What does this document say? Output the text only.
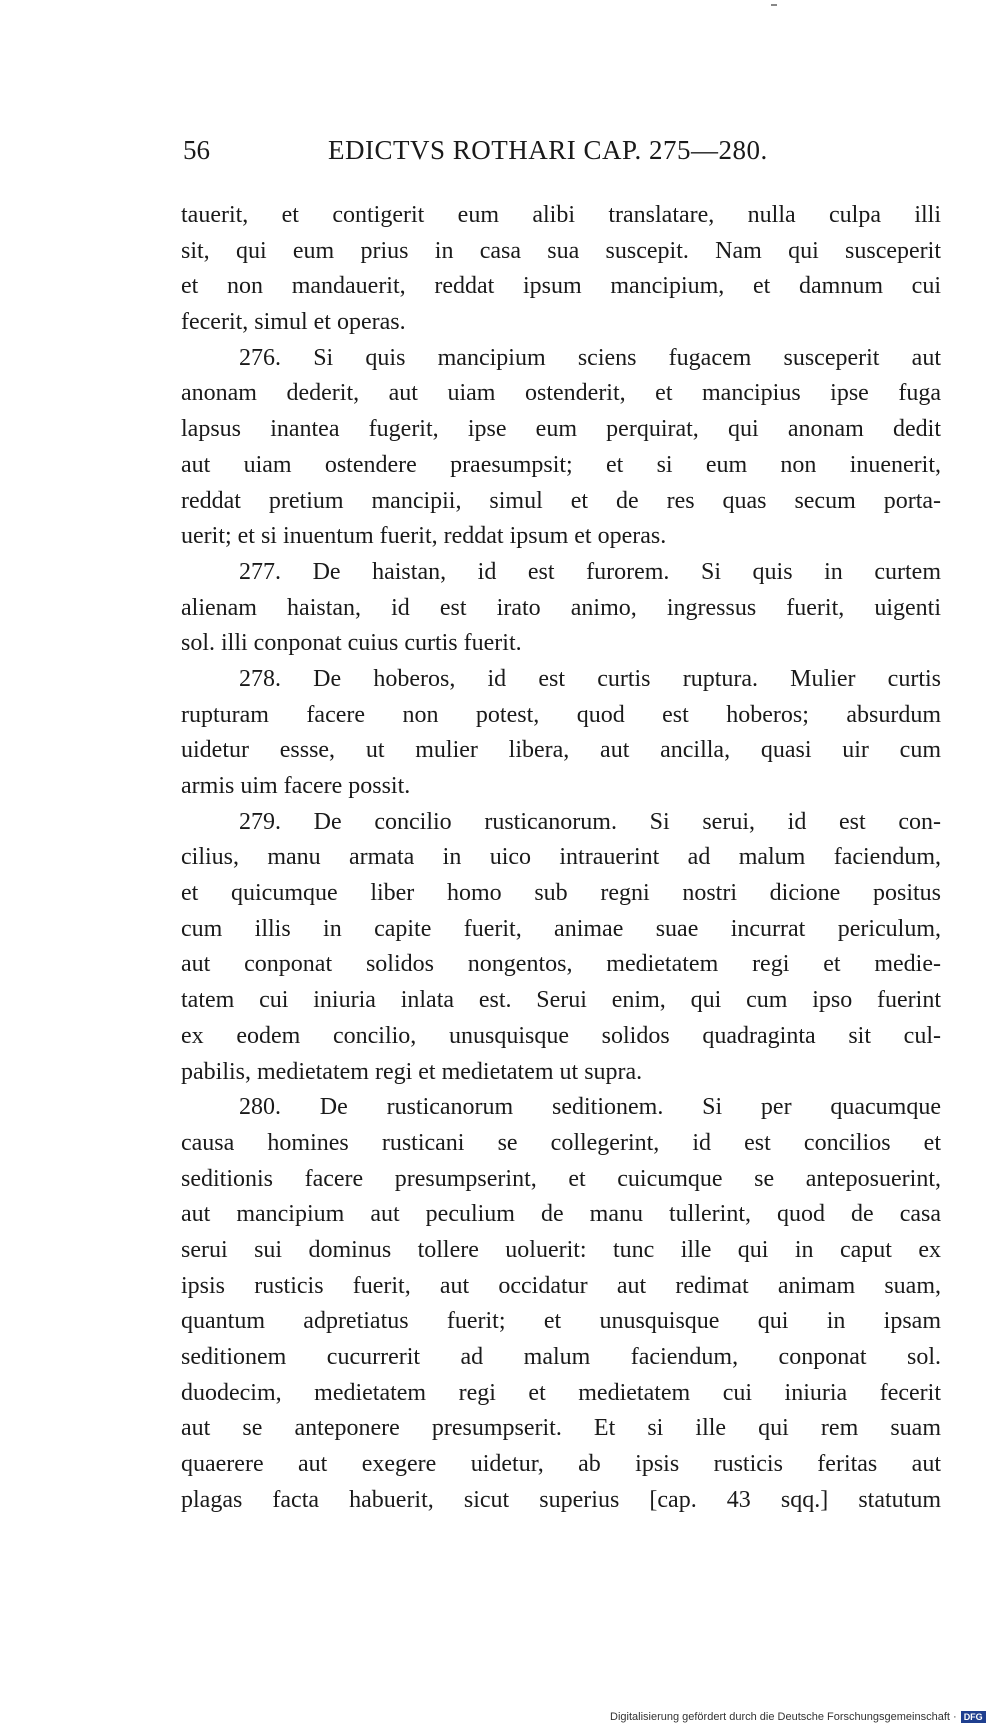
56	EDICTVS ROTHARI CAP. 275—280.
tauerit, et contigerit eum alibi translatare, nulla culpa illi
sit, qui eum prius in casa sua suscepit. Nam qui susceperit
et non mandauerit, reddat ipsum mancipium, et damnum cui
fecerit, simul et operas.
276. Si quis mancipium sciens fugacem susceperit aut
anonam dederit, aut uiam ostenderit, et mancipius ipse fuga
lapsus inantea fugerit, ipse eum perquirat, qui anonam dedit
aut uiam ostendere praesumpsit; et si eum non inuenerit,
reddat pretium mancipii, simul et de res quas secum porta-
uerit; et si inuentum fuerit, reddat ipsum et operas.
277. De haistan, id est furorem. Si quis in curtem
alienam haistan, id est irato animo, ingressus fuerit, uigenti
sol. illi conponat cuius curtis fuerit.
278. De hoberos, id est curtis ruptura. Mulier curtis
rupturam facere non potest, quod est hoberos; absurdum
uidetur essse, ut mulier libera, aut ancilla, quasi uir cum
armis uim facere possit.
279. De concilio rusticanorum. Si serui, id est con-
cilius, manu armata in uico intrauerint ad malum faciendum,
et quicumque liber homo sub regni nostri dicione positus
cum illis in capite fuerit, animae suae incurrat periculum,
aut conponat solidos nongentos, medietatem regi et medie-
tatem cui iniuria inlata est. Serui enim, qui cum ipso fuerint
ex eodem concilio, unusquisque solidos quadraginta sit cul-
pabilis, medietatem regi et medietatem ut supra.
280. De rusticanorum seditionem. Si per quacumque
causa homines rusticani se collegerint, id est concilios et
seditionis facere presumpserint, et cuicumque se anteposuerint,
aut mancipium aut peculium de manu tullerint, quod de casa
serui sui dominus tollere uoluerit: tunc ille qui in caput ex
ipsis rusticis fuerit, aut occidatur aut redimat animam suam,
quantum adpretiatus fuerit; et unusquisque qui in ipsam
seditionem cucurrerit ad malum faciendum, conponat sol.
duodecim, medietatem regi et medietatem cui iniuria fecerit
aut se anteponere presumpserit. Et si ille qui rem suam
quaerere aut exegere uidetur, ab ipsis rusticis feritas aut
plagas facta habuerit, sicut superius [cap. 43 sqq.] statutum
Digitalisierung gefördert durch die Deutsche Forschungsgemeinschaft · DFG
